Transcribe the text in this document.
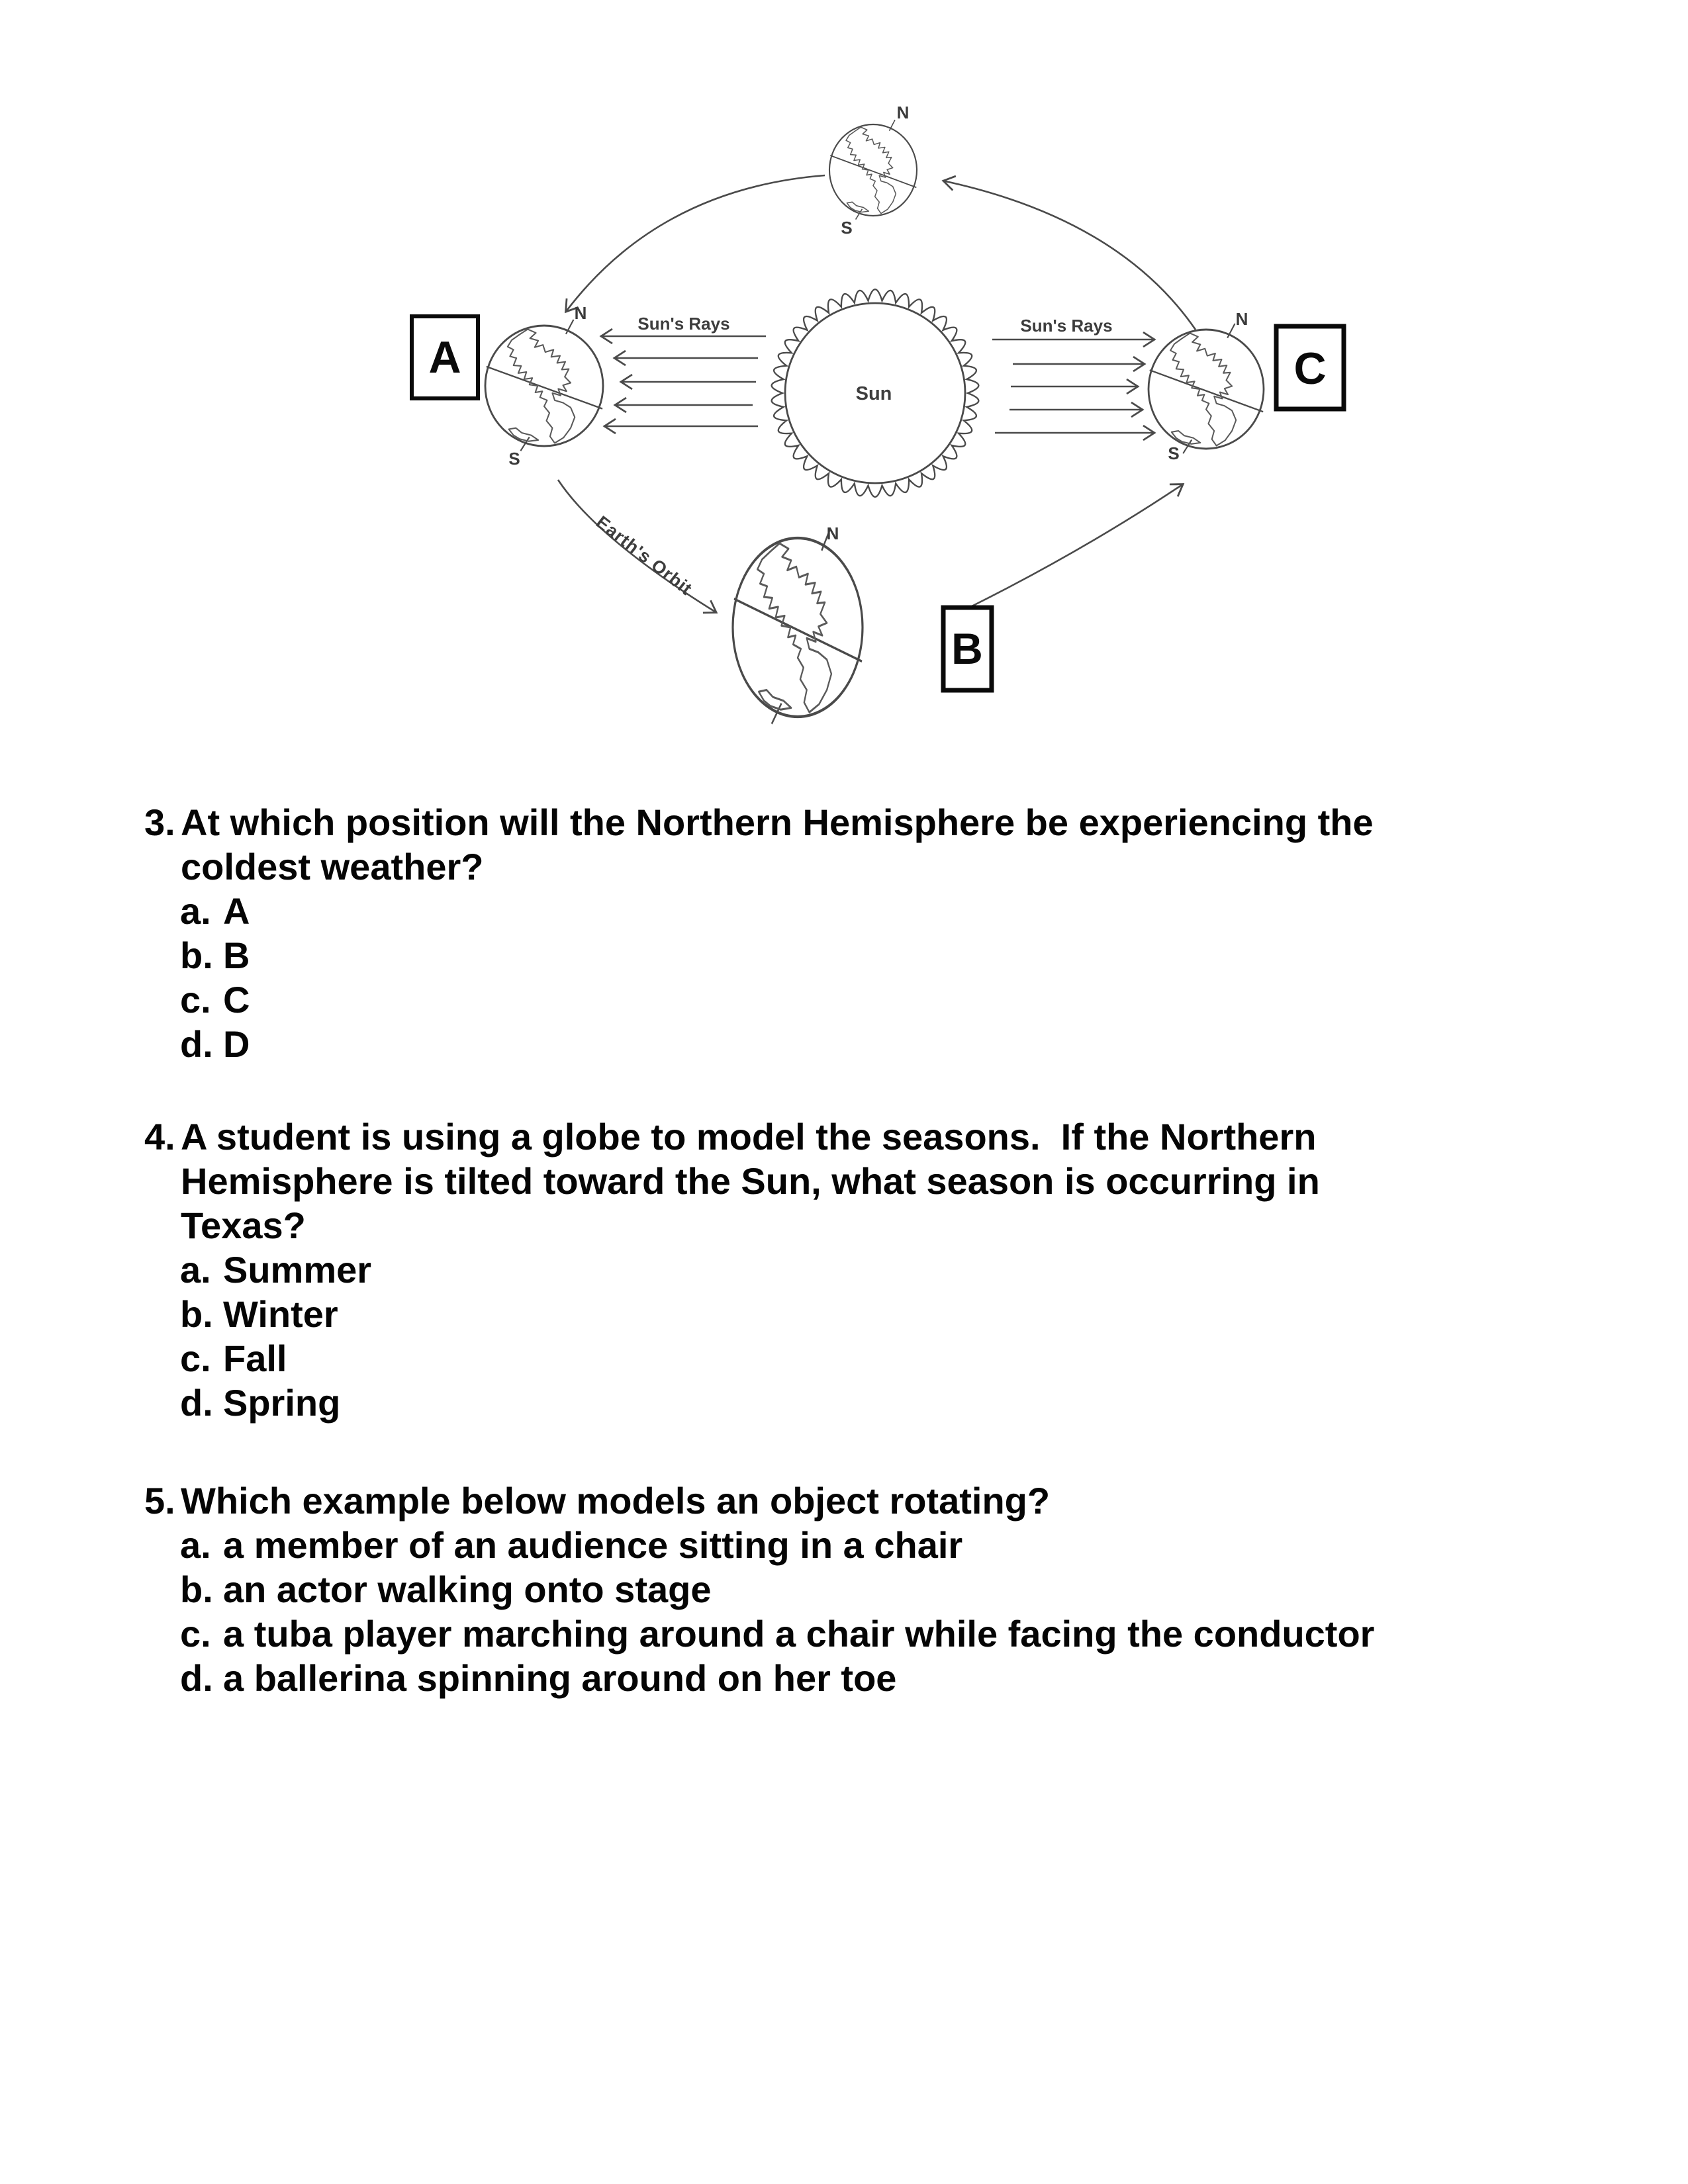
Earth's Orbit
Sun
Sun's Rays	Sun's Rays
N
S
N
S
N
S
N
A	C
B
3. At which position will the Northern Hemisphere be experiencing the
coldest weather?
a. A
b. B
c. C
d. D
4. A student is using a globe to model the seasons.  If the Northern
Hemisphere is tilted toward the Sun, what season is occurring in
Texas?
a. Summer
b. Winter
c. Fall
d. Spring
5. Which example below models an object rotating?
a. a member of an audience sitting in a chair
b. an actor walking onto stage
c. a tuba player marching around a chair while facing the conductor
d. a ballerina spinning around on her toe
